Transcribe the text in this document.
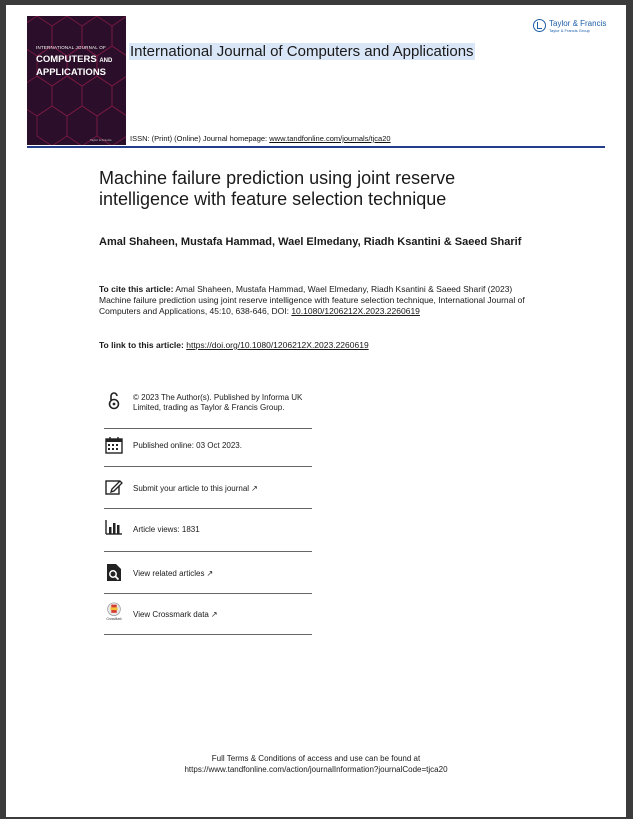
INTERNATIONAL JOURNAL OF
COMPUTERS AND
APPLICATIONS
Taylor & Francis
International Journal of Computers and Applications
Taylor & Francis
Taylor & Francis Group
ISSN: (Print) (Online) Journal homepage: www.tandfonline.com/journals/tjca20
Machine failure prediction using joint reserve intelligence with feature selection technique
Amal Shaheen, Mustafa Hammad, Wael Elmedany, Riadh Ksantini & Saeed Sharif
To cite this article: Amal Shaheen, Mustafa Hammad, Wael Elmedany, Riadh Ksantini & Saeed Sharif (2023) Machine failure prediction using joint reserve intelligence with feature selection technique, International Journal of Computers and Applications, 45:10, 638-646, DOI: 10.1080/1206212X.2023.2260619
To link to this article: https://doi.org/10.1080/1206212X.2023.2260619
© 2023 The Author(s). Published by Informa UK Limited, trading as Taylor & Francis Group.
Published online: 03 Oct 2023.
Submit your article to this journal ↗
Article views: 1831
View related articles ↗
CrossMark
View Crossmark data ↗
Full Terms & Conditions of access and use can be found at
https://www.tandfonline.com/action/journalInformation?journalCode=tjca20
